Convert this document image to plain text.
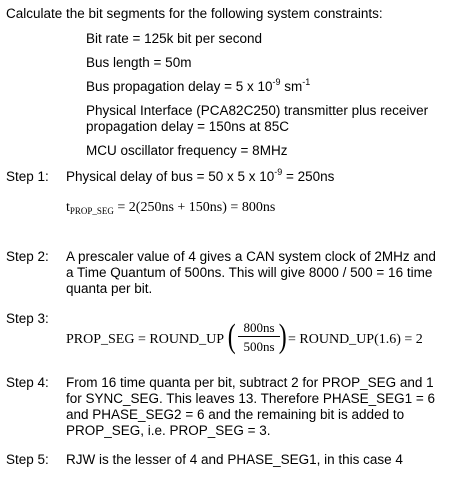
Calculate the bit segments for the following system constraints:
Bit rate = 125k bit per second
Bus length = 50m
Bus propagation delay = 5 x $10^{-9}$ $sm^{-1}$
Physical Interface (PCA82C250) transmitter plus receiver
propagation delay = 150ns at 85C
MCU oscillator frequency = 8MHz
Step 1: Physical delay of bus = 50 x 5 x $10^{-9} = 250ns$
$t_{PROP\_SEG} = 2(250ns + 150ns) = 800ns$
Step 2: A prescaler value of 4 gives a CAN system clock of 2MHz and
a Time Quantum of 500ns. This will give 8000 / 500 = 16 time
quanta per bit.
Step 3:
PROP_SEG = ROUND_UP ( 800ns
500ns ) = ROUND_UP(1.6) = 2
Step 4: From 16 time quanta per bit, subtract 2 for PROP_SEG and 1
for SYNC_SEG. This leaves 13. Therefore PHASE_SEG1 = 6
and PHASE_SEG2 = 6 and the remaining bit is added to
PROP_SEG, i.e. PROP_SEG = 3.
Step 5: RJW is the lesser of 4 and PHASE_SEG1, in this case 4
